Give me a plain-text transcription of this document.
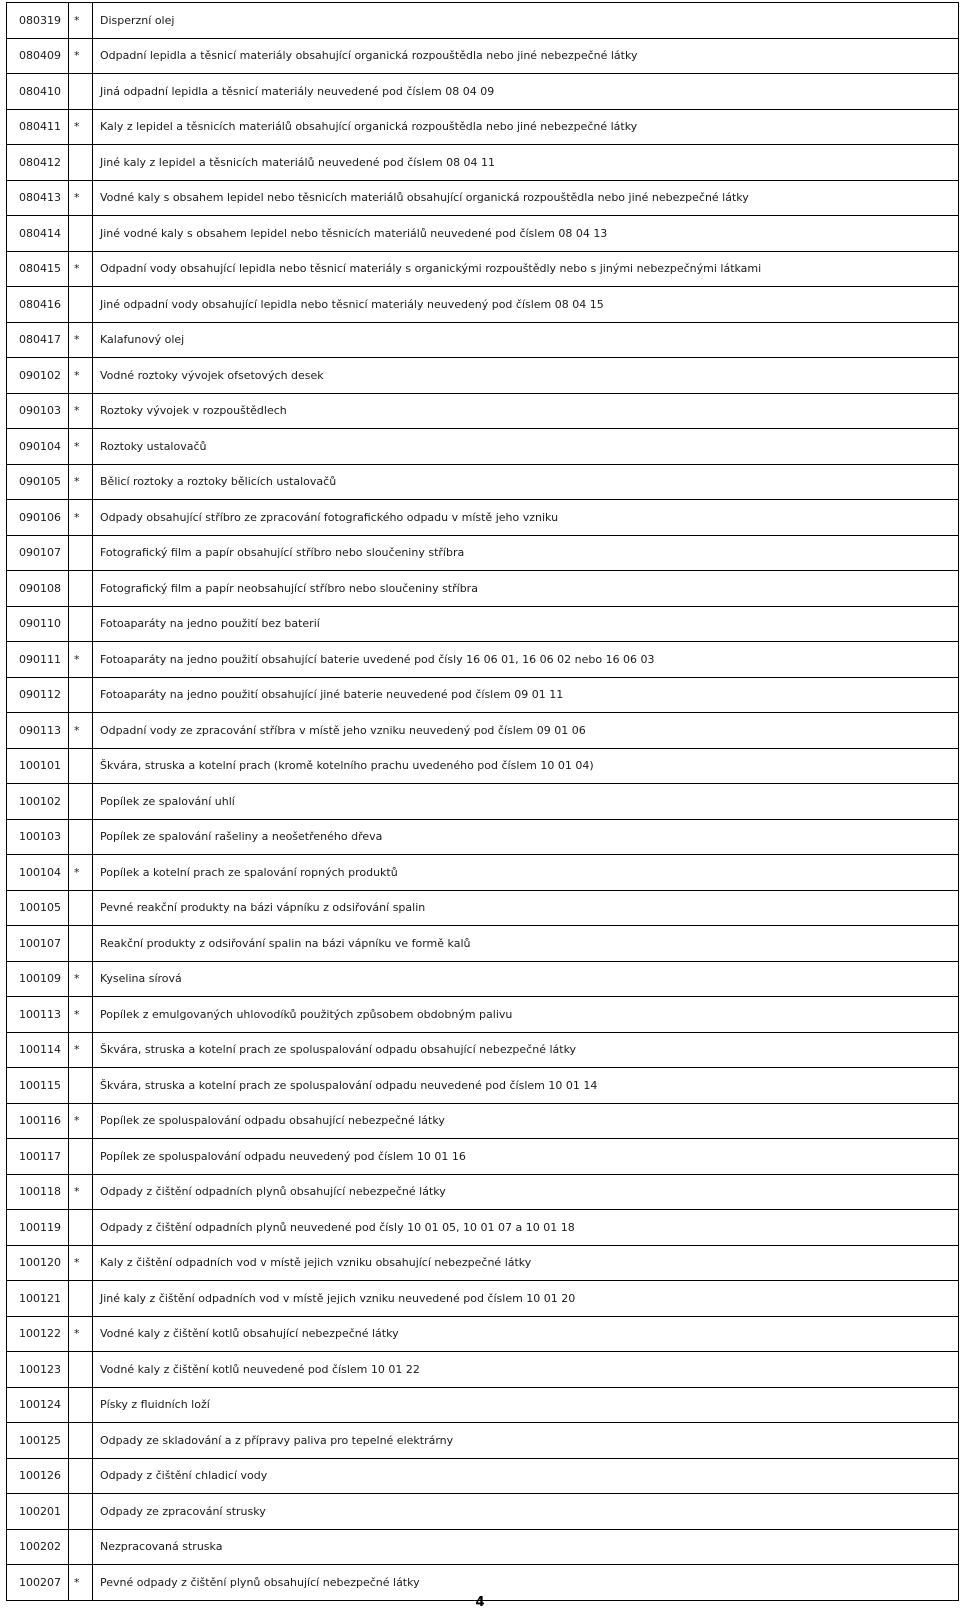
080319	*	Disperzní olej
080409	*	Odpadní lepidla a těsnicí materiály obsahující organická rozpouštědla nebo jiné nebezpečné látky
080410		Jiná odpadní lepidla a těsnicí materiály neuvedené pod číslem 08 04 09
080411	*	Kaly z lepidel a těsnicích materiálů obsahující organická rozpouštědla nebo jiné nebezpečné látky
080412		Jiné kaly z lepidel a těsnicích materiálů neuvedené pod číslem 08 04 11
080413	*	Vodné kaly s obsahem lepidel nebo těsnicích materiálů obsahující organická rozpouštědla nebo jiné nebezpečné látky
080414		Jiné vodné kaly s obsahem lepidel nebo těsnicích materiálů neuvedené pod číslem 08 04 13
080415	*	Odpadní vody obsahující lepidla nebo těsnicí materiály s organickými rozpouštědly nebo s jinými nebezpečnými látkami
080416		Jiné odpadní vody obsahující lepidla nebo těsnicí materiály neuvedený pod číslem 08 04 15
080417	*	Kalafunový olej
090102	*	Vodné roztoky vývojek ofsetových desek
090103	*	Roztoky vývojek v rozpouštědlech
090104	*	Roztoky ustalovačů
090105	*	Bělicí roztoky a roztoky bělicích ustalovačů
090106	*	Odpady obsahující stříbro ze zpracování fotografického odpadu v místě jeho vzniku
090107		Fotografický film a papír obsahující stříbro nebo sloučeniny stříbra
090108		Fotografický film a papír neobsahující stříbro nebo sloučeniny stříbra
090110		Fotoaparáty na jedno použití bez baterií
090111	*	Fotoaparáty na jedno použití obsahující baterie uvedené pod čísly 16 06 01, 16 06 02 nebo 16 06 03
090112		Fotoaparáty na jedno použití obsahující jiné baterie neuvedené pod číslem 09 01 11
090113	*	Odpadní vody ze zpracování stříbra v místě jeho vzniku neuvedený pod číslem 09 01 06
100101		Škvára, struska a kotelní prach (kromě kotelního prachu uvedeného pod číslem 10 01 04)
100102		Popílek ze spalování uhlí
100103		Popílek ze spalování rašeliny a neošetřeného dřeva
100104	*	Popílek a kotelní prach ze spalování ropných produktů
100105		Pevné reakční produkty na bázi vápníku z odsiřování spalin
100107		Reakční produkty z odsiřování spalin na bázi vápníku ve formě kalů
100109	*	Kyselina sírová
100113	*	Popílek z emulgovaných uhlovodíků použitých způsobem obdobným palivu
100114	*	Škvára, struska a kotelní prach ze spoluspalování odpadu obsahující nebezpečné látky
100115		Škvára, struska a kotelní prach ze spoluspalování odpadu neuvedené pod číslem 10 01 14
100116	*	Popílek ze spoluspalování odpadu obsahující nebezpečné látky
100117		Popílek ze spoluspalování odpadu neuvedený pod číslem 10 01 16
100118	*	Odpady z čištění odpadních plynů obsahující nebezpečné látky
100119		Odpady z čištění odpadních plynů neuvedené pod čísly 10 01 05, 10 01 07 a 10 01 18
100120	*	Kaly z čištění odpadních vod v místě jejich vzniku obsahující nebezpečné látky
100121		Jiné kaly z čištění odpadních vod v místě jejich vzniku neuvedené pod číslem 10 01 20
100122	*	Vodné kaly z čištění kotlů obsahující nebezpečné látky
100123		Vodné kaly z čištění kotlů neuvedené pod číslem 10 01 22
100124		Písky z fluidních loží
100125		Odpady ze skladování a z přípravy paliva pro tepelné elektrárny
100126		Odpady z čištění chladicí vody
100201		Odpady ze zpracování strusky
100202		Nezpracovaná struska
100207	*	Pevné odpady z čištění plynů obsahující nebezpečné látky
4
